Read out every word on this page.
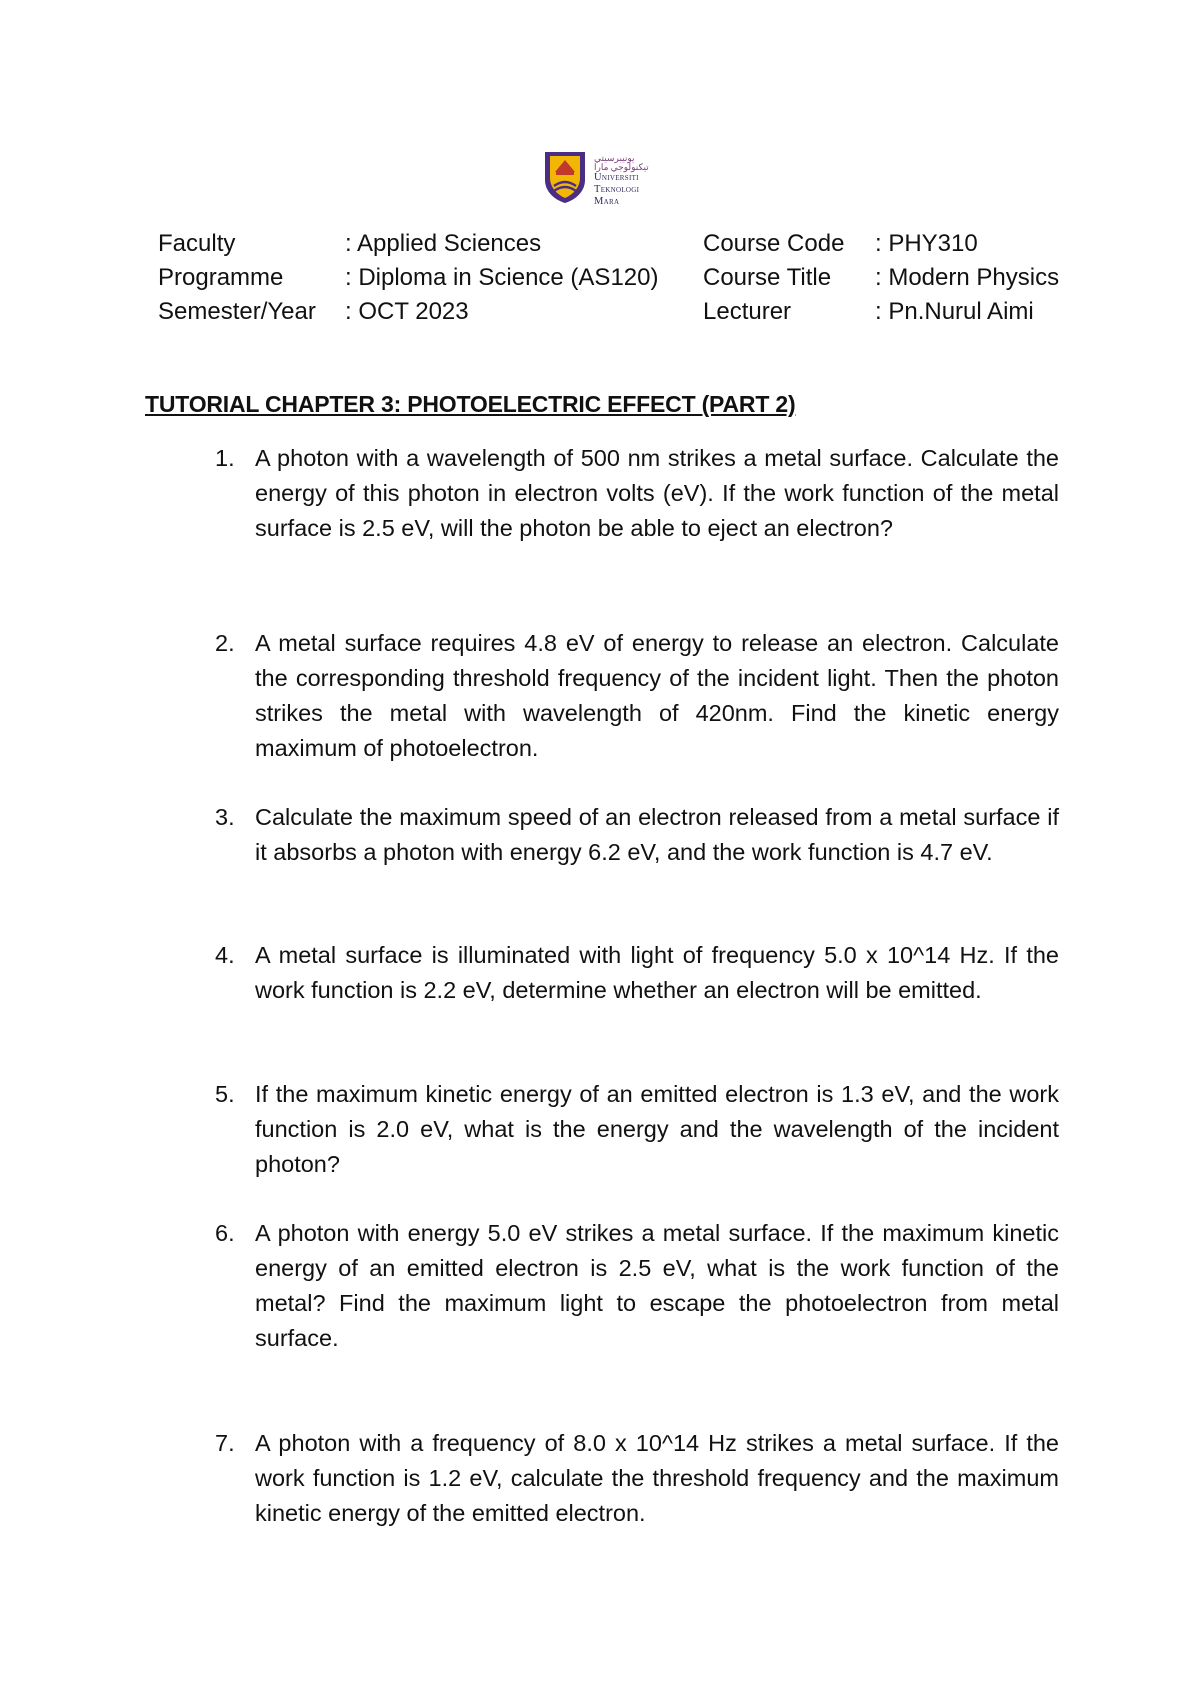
ﯾﻮﻧﯿﺒﺮﺳﯿﺘﻲ ﺗﯿﻜﻨﻮﻟﻮﺟﻲ ﻣﺎرا
Universiti
Teknologi
Mara
Faculty	: Applied Sciences	Course Code : PHY310
Programme	: Diploma in Science (AS120) Course Title : Modern Physics
Semester/Year : OCT 2023	Lecturer	: Pn.Nurul Aimi
TUTORIAL CHAPTER 3: PHOTOELECTRIC EFFECT (PART 2)
1. A photon with a wavelength of 500 nm strikes a metal surface. Calculate the energy of this photon in electron volts (eV). If the work function of the metal surface is 2.5 eV, will the photon be able to eject an electron?
2. A metal surface requires 4.8 eV of energy to release an electron. Calculate the corresponding threshold frequency of the incident light. Then the photon strikes the metal with wavelength of 420nm. Find the kinetic energy maximum of photoelectron.
3. Calculate the maximum speed of an electron released from a metal surface if it absorbs a photon with energy 6.2 eV, and the work function is 4.7 eV.
4. A metal surface is illuminated with light of frequency 5.0 x 10^14 Hz. If the work function is 2.2 eV, determine whether an electron will be emitted.
5. If the maximum kinetic energy of an emitted electron is 1.3 eV, and the work function is 2.0 eV, what is the energy and the wavelength of the incident photon?
6. A photon with energy 5.0 eV strikes a metal surface. If the maximum kinetic energy of an emitted electron is 2.5 eV, what is the work function of the metal? Find the maximum light to escape the photoelectron from metal surface.
7. A photon with a frequency of 8.0 x 10^14 Hz strikes a metal surface. If the work function is 1.2 eV, calculate the threshold frequency and the maximum kinetic energy of the emitted electron.
